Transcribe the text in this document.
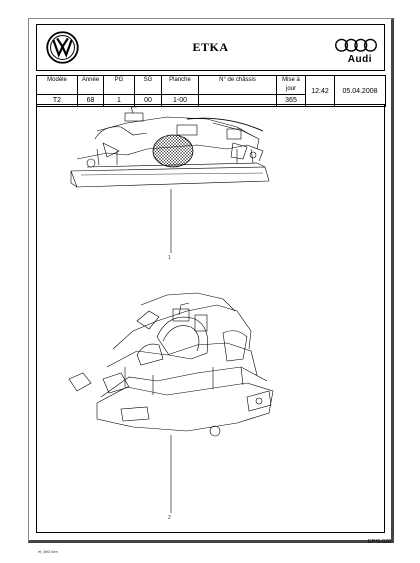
ETKA
Audi
Modèle	Année	PG	SG	Planche	N° de châssis	Mise à jour	12:42	05.04.2008
T2	68	1	00	1-00		365		
1
2
et_fid3.htm
EPIS 020
